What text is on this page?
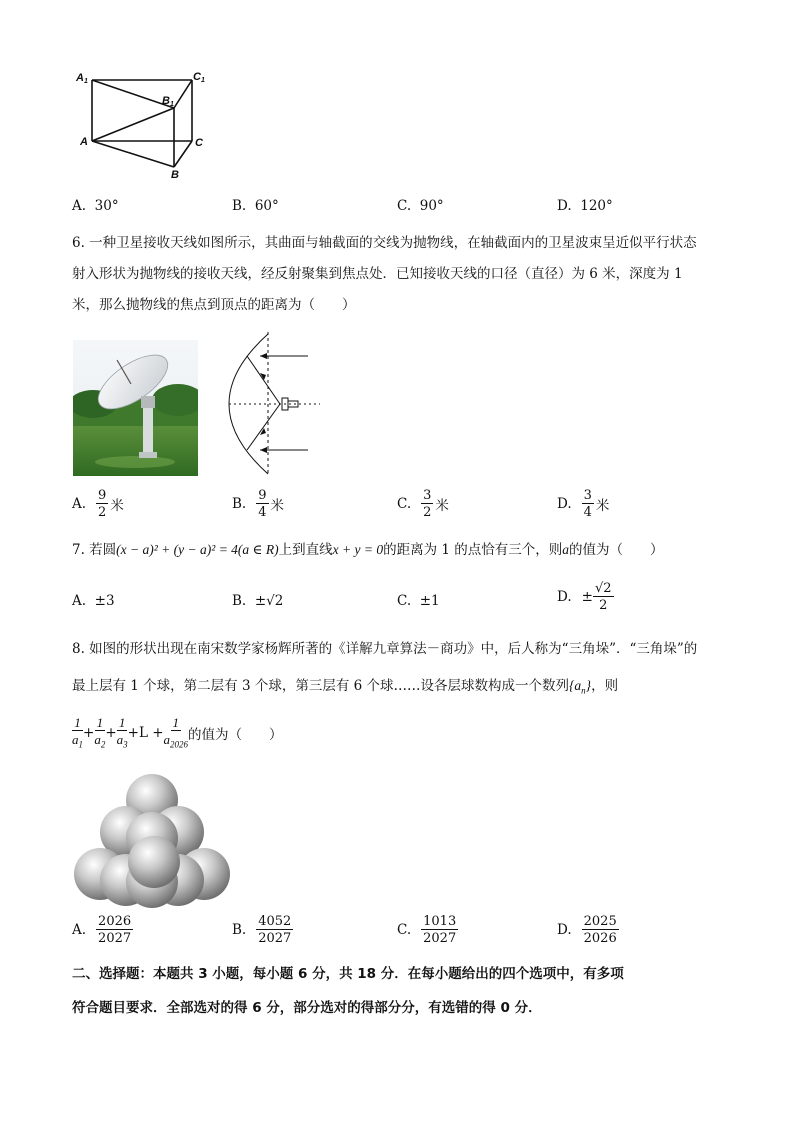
A1	C1
B1
A	C
B
A. 30°	B. 60°	C. 90°	D. 120°
6. 一种卫星接收天线如图所示，其曲面与轴截面的交线为抛物线，在轴截面内的卫星波束呈近似平行状态
射入形状为抛物线的接收天线，经反射聚集到焦点处．已知接收天线的口径（直径）为 6 米，深度为 1
米，那么抛物线的焦点到顶点的距离为（　　）
A. $\frac{9}{2}$ 米	B. $\frac{9}{4}$ 米	C. $\frac{3}{2}$ 米	D. $\frac{3}{4}$ 米
7. 若圆(x − a)² + (y − a)² = 4(a ∈ R)上到直线x + y = 0的距离为 1 的点恰有三个，则a的值为（　　）
A. ±3	B. ±√2	C. ±1	D. ± $\frac{√2}{2}$
8. 如图的形状出现在南宋数学家杨辉所著的《详解九章算法－商功》中，后人称为“三角垛”．“三角垛”的
最上层有 1 个球，第二层有 3 个球，第三层有 6 个球……设各层球数构成一个数列$\{a_n\}$，则
$\frac{1}{a_1} + \frac{1}{a_2} + \frac{1}{a_3} + L + \frac{1}{a_{2026}}$ 的值为（　　）
A. $\frac{2026}{2027}$	B. $\frac{4052}{2027}$	C. $\frac{1013}{2027}$	D. $\frac{2025}{2026}$
二、选择题：本题共 3 小题，每小题 6 分，共 18 分．在每小题给出的四个选项中，有多项
符合题目要求．全部选对的得 6 分，部分选对的得部分分，有选错的得 0 分．
